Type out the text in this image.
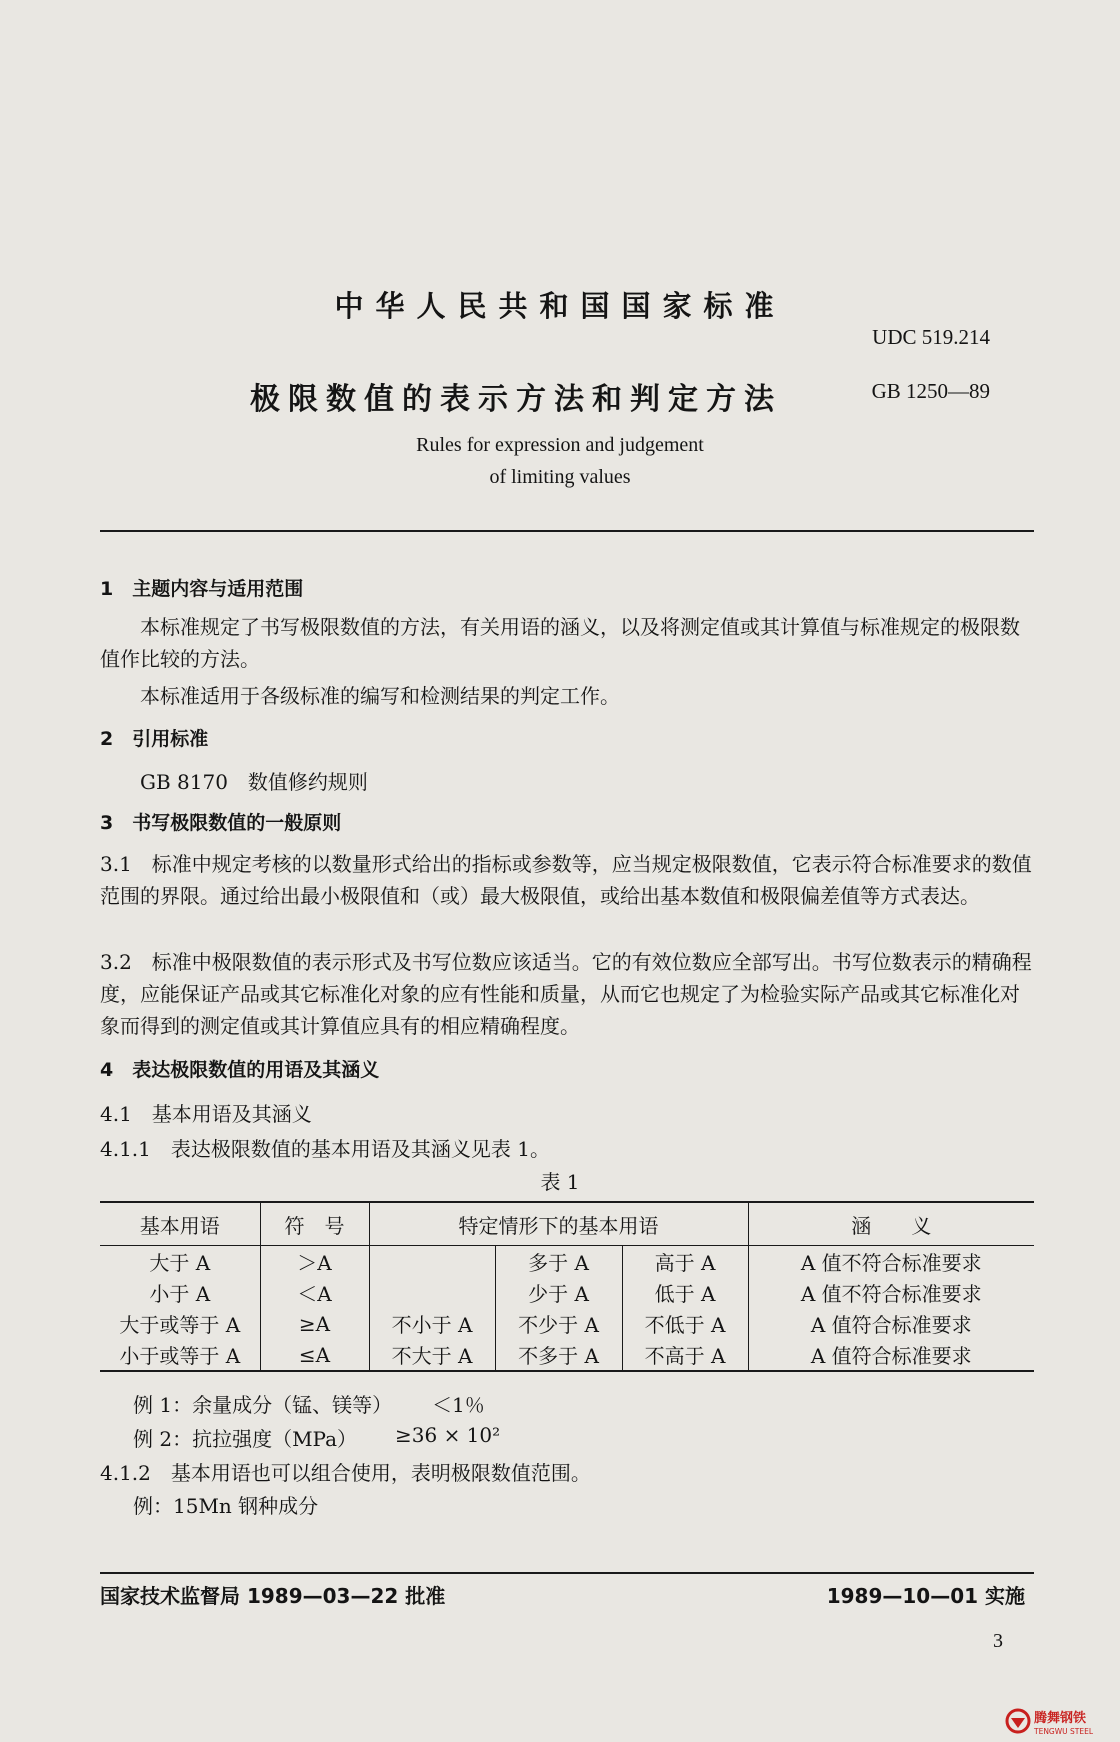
中华人民共和国国家标准
UDC 519.214
极限数值的表示方法和判定方法	GB 1250—89
Rules for expression and judgement
of limiting values
1　主题内容与适用范围
本标准规定了书写极限数值的方法，有关用语的涵义，以及将测定值或其计算值与标准规定的极限数值作比较的方法。
本标准适用于各级标准的编写和检测结果的判定工作。
2　引用标准
GB 8170　数值修约规则
3　书写极限数值的一般原则
3.1　标准中规定考核的以数量形式给出的指标或参数等，应当规定极限数值，它表示符合标准要求的数值范围的界限。通过给出最小极限值和（或）最大极限值，或给出基本数值和极限偏差值等方式表达。
3.2　标准中极限数值的表示形式及书写位数应该适当。它的有效位数应全部写出。书写位数表示的精确程度，应能保证产品或其它标准化对象的应有性能和质量，从而它也规定了为检验实际产品或其它标准化对象而得到的测定值或其计算值应具有的相应精确程度。
4　表达极限数值的用语及其涵义
4.1　基本用语及其涵义
4.1.1　表达极限数值的基本用语及其涵义见表 1。
表 1
基本用语	符　号	特定情形下的基本用语			涵　　义
大于 A	＞A		多于 A	高于 A	A 值不符合标准要求
小于 A	＜A		少于 A	低于 A	A 值不符合标准要求
大于或等于 A	≥A	不小于 A	不少于 A	不低于 A	A 值符合标准要求
小于或等于 A	≤A	不大于 A	不多于 A	不高于 A	A 值符合标准要求
例 1：余量成分（锰、镁等） ＜1％
例 2：抗拉强度（MPa） ≥36 × 10²
4.1.2　基本用语也可以组合使用，表明极限数值范围。
例：15Mn 钢种成分
国家技术监督局 1989—03—22 批准	1989—10—01 实施
3
腾舞钢铁
TENGWU STEEL
